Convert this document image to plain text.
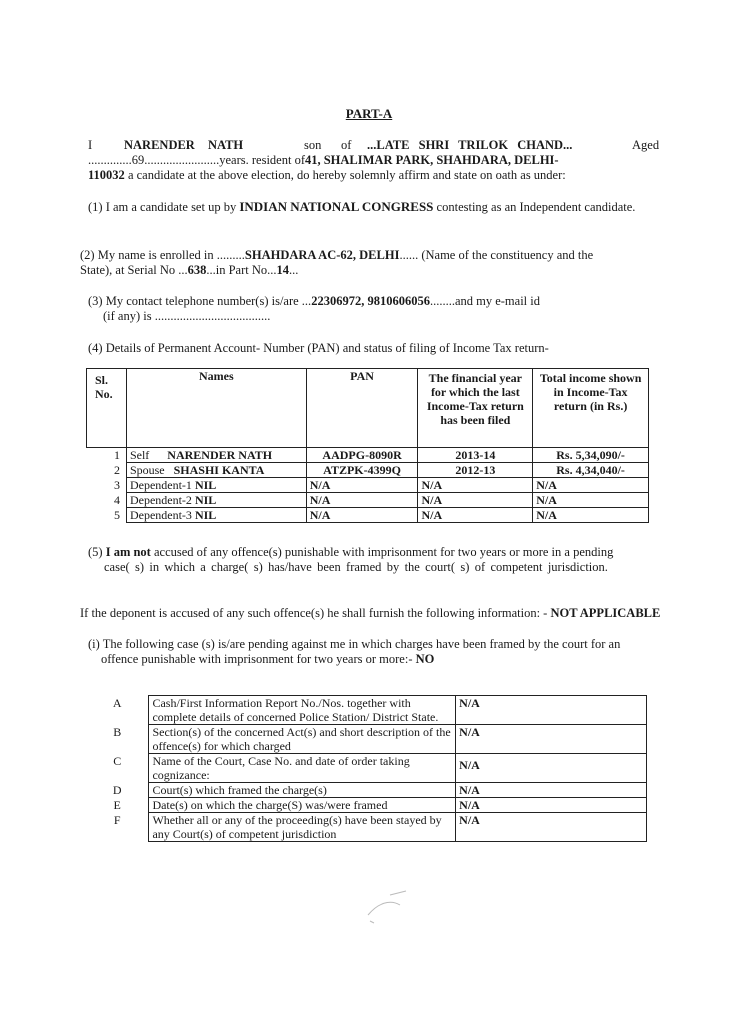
PART-A
I	NARENDER NATH	son of ...LATE SHRI TRILOK CHAND...	Aged
..............69........................years. resident of41, SHALIMAR PARK, SHAHDARA, DELHI-
110032 a candidate at the above election, do hereby solemnly affirm and state on oath as under:
(1) I am a candidate set up by INDIAN NATIONAL CONGRESS contesting as an Independent candidate.
(2) My name is enrolled in .........SHAHDARA AC-62, DELHI...... (Name of the constituency and the
State), at Serial No ...638...in Part No...14...
(3) My contact telephone number(s) is/are ...22306972, 9810606056........and my e-mail id
(if any) is .....................................
(4) Details of Permanent Account- Number (PAN) and status of filing of Income Tax return-
Sl. No.	Names	PAN	The financial year for which the last Income-Tax return has been filed	Total income shown in Income-Tax return (in Rs.)
1	Self NARENDER NATH	AADPG-8090R	2013-14	Rs. 5,34,090/-
2	Spouse SHASHI KANTA	ATZPK-4399Q	2012-13	Rs. 4,34,040/-
3	Dependent-1 NIL	N/A	N/A	N/A
4	Dependent-2 NIL	N/A	N/A	N/A
5	Dependent-3 NIL	N/A	N/A	N/A
(5) I am not accused of any offence(s) punishable with imprisonment for two years or more in a pending
case( s) in which a charge( s) has/have been framed by the court( s) of competent jurisdiction.
If the deponent is accused of any such offence(s) he shall furnish the following information: - NOT APPLICABLE
(i) The following case (s) is/are pending against me in which charges have been framed by the court for an
offence punishable with imprisonment for two years or more:- NO
A	Cash/First Information Report No./Nos. together with complete details of concerned Police Station/ District State.	N/A
B	Section(s) of the concerned Act(s) and short description of the offence(s) for which charged	N/A
C	Name of the Court, Case No. and date of order taking cognizance:	N/A
D	Court(s) which framed the charge(s)	N/A
E	Date(s) on which the charge(S) was/were framed	N/A
F	Whether all or any of the proceeding(s) have been stayed by any Court(s) of competent jurisdiction	N/A
